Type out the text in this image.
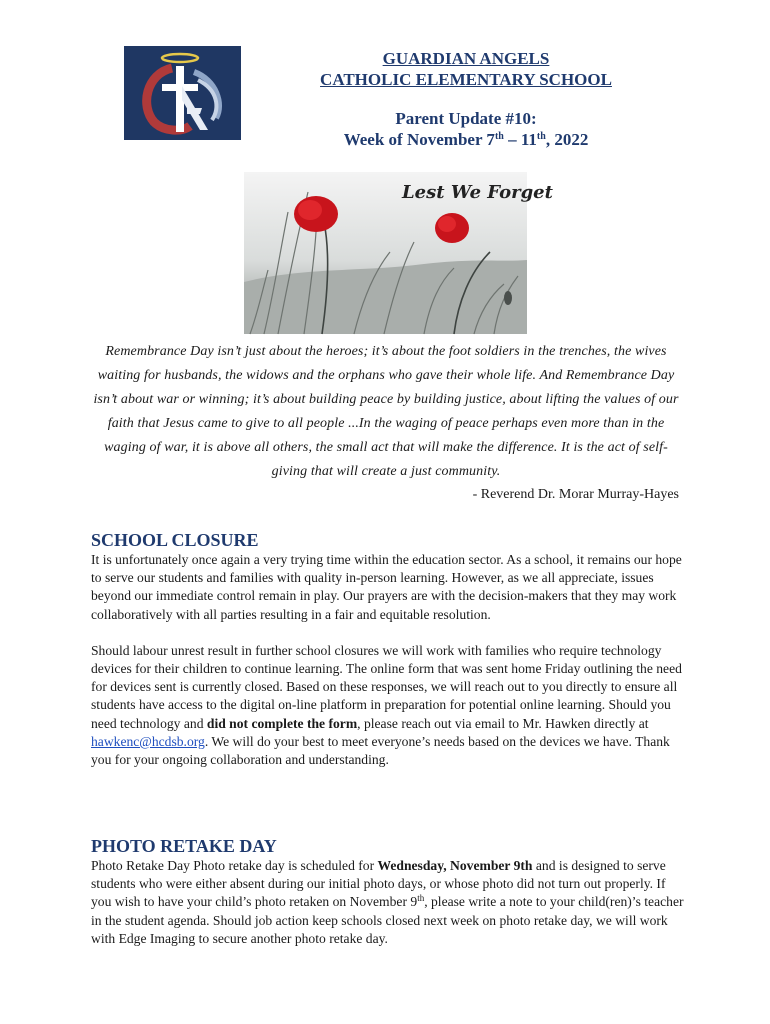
GUARDIAN ANGELS
CATHOLIC ELEMENTARY SCHOOL
Parent Update #10:
Week of November 7th – 11th, 2022
Lest We Forget
Remembrance Day isn’t just about the heroes; it’s about the foot soldiers in the trenches, the wives waiting for husbands, the widows and the orphans who gave their whole life. And Remembrance Day isn’t about war or winning; it’s about building peace by building justice, about lifting the values of our faith that Jesus came to give to all people ...In the waging of peace perhaps even more than in the waging of war, it is above all others, the small act that will make the difference. It is the act of self-giving that will create a just community.
- Reverend Dr. Morar Murray-Hayes
SCHOOL CLOSURE

It is unfortunately once again a very trying time within the education sector. As a school, it remains our hope to serve our students and families with quality in-person learning. However, as we all appreciate, issues beyond our immediate control remain in play. Our prayers are with the decision-makers that they may work collaboratively with all parties resulting in a fair and equitable resolution.

Should labour unrest result in further school closures we will work with families who require technology devices for their children to continue learning. The online form that was sent home Friday outlining the need for devices sent is currently closed. Based on these responses, we will reach out to you directly to ensure all students have access to the digital on-line platform in preparation for potential online learning. Should you need technology and did not complete the form, please reach out via email to Mr. Hawken directly at hawkenc@hcdsb.org. We will do your best to meet everyone’s needs based on the devices we have. Thank you for your ongoing collaboration and understanding.

PHOTO RETAKE DAY

Photo Retake Day Photo retake day is scheduled for Wednesday, November 9th and is designed to serve students who were either absent during our initial photo days, or whose photo did not turn out properly. If you wish to have your child’s photo retaken on November 9th, please write a note to your child(ren)’s teacher in the student agenda. Should job action keep schools closed next week on photo retake day, we will work with Edge Imaging to secure another photo retake day.
